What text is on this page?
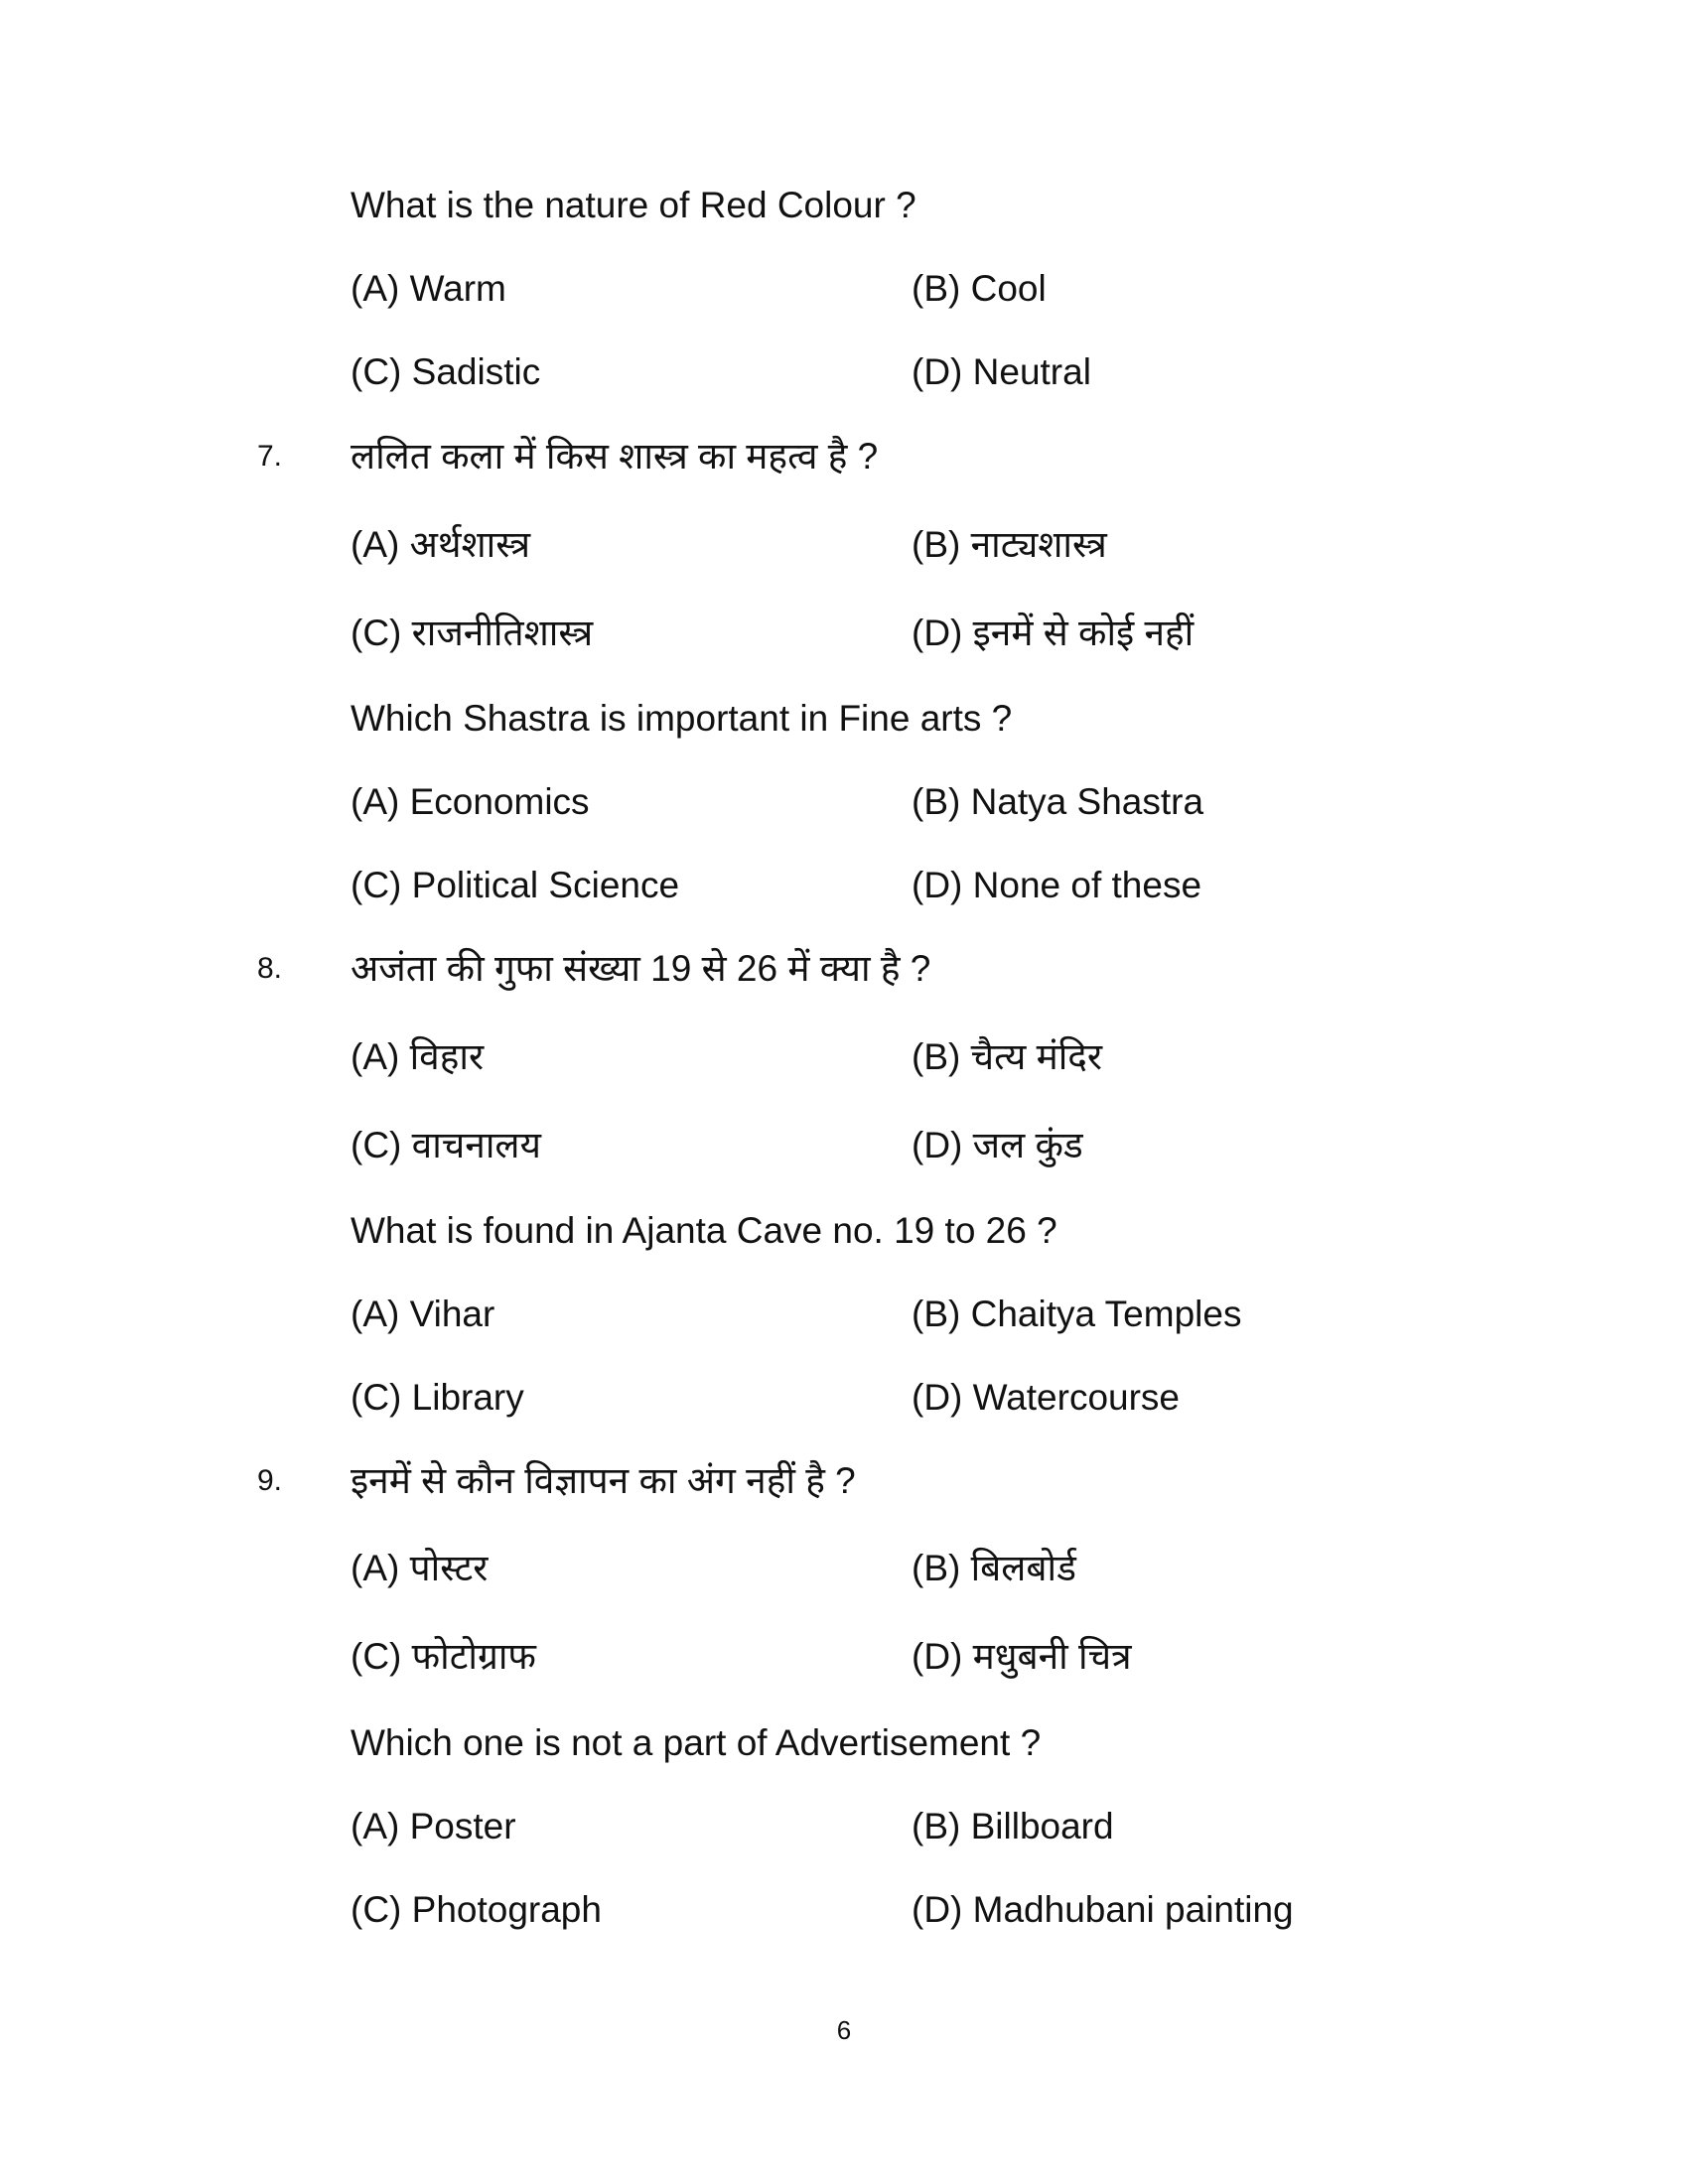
What is the nature of Red Colour ?
(A) Warm	(B) Cool
(C) Sadistic	(D) Neutral
7. ललित कला में किस शास्त्र का महत्व है ?
(A) अर्थशास्त्र	(B) नाट्यशास्त्र
(C) राजनीतिशास्त्र	(D) इनमें से कोई नहीं
Which Shastra is important in Fine arts ?
(A) Economics	(B) Natya Shastra
(C) Political Science	(D) None of these
8. अजंता की गुफा संख्या 19 से 26 में क्या है ?
(A) विहार	(B) चैत्य मंदिर
(C) वाचनालय	(D) जल कुंड
What is found in Ajanta Cave no. 19 to 26 ?
(A) Vihar	(B) Chaitya Temples
(C) Library	(D) Watercourse
9. इनमें से कौन विज्ञापन का अंग नहीं है ?
(A) पोस्टर	(B) बिलबोर्ड
(C) फोटोग्राफ	(D) मधुबनी चित्र
Which one is not a part of Advertisement ?
(A) Poster	(B) Billboard
(C) Photograph	(D) Madhubani painting
6
